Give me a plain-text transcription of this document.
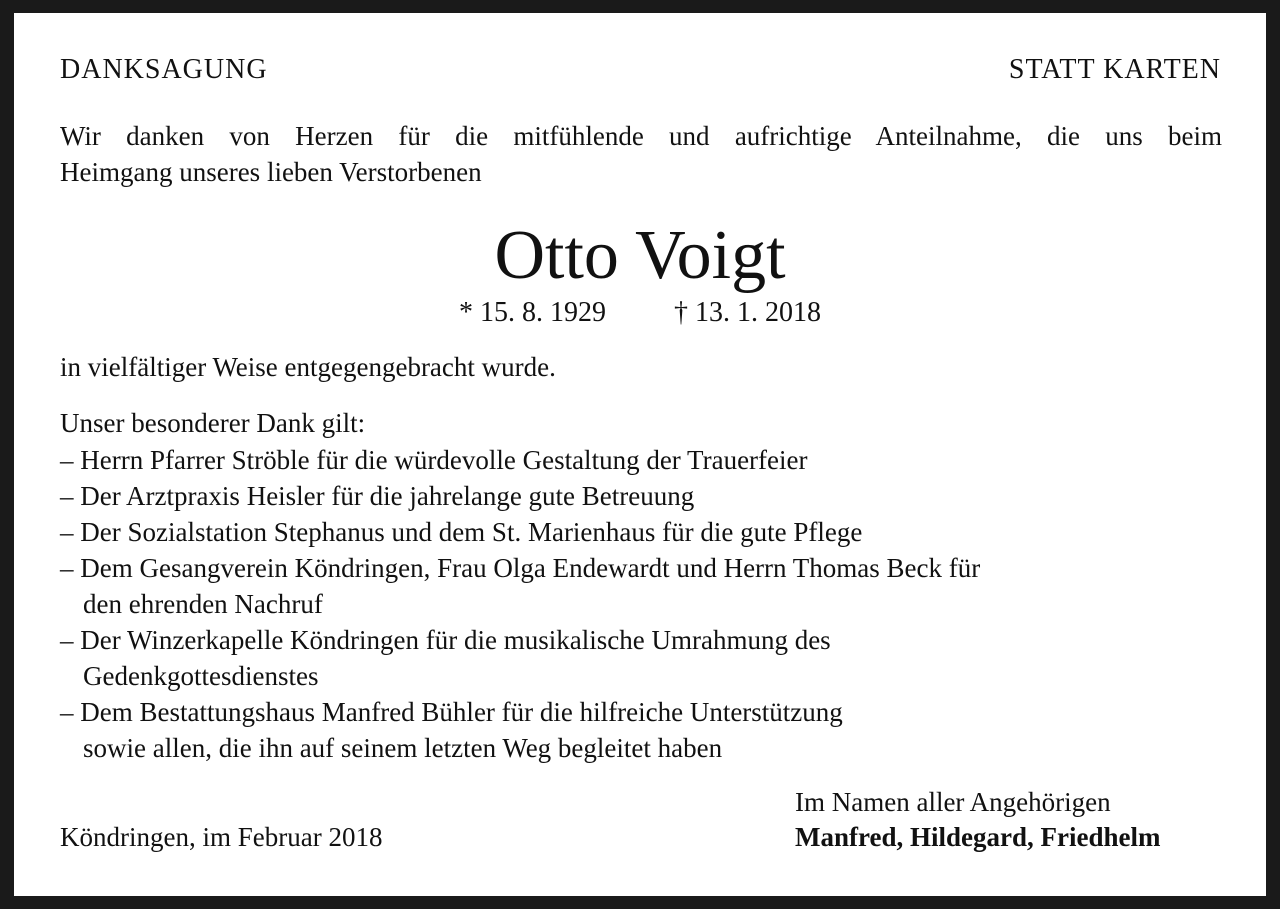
DANKSAGUNG	STATT KARTEN
Wir danken von Herzen für die mitfühlende und aufrichtige Anteilnahme, die uns beim
Heimgang unseres lieben Verstorbenen
Otto Voigt
* 15. 8. 1929 † 13. 1. 2018
in vielfältiger Weise entgegengebracht wurde.
Unser besonderer Dank gilt:
– Herrn Pfarrer Ströble für die würdevolle Gestaltung der Trauerfeier
– Der Arztpraxis Heisler für die jahrelange gute Betreuung
– Der Sozialstation Stephanus und dem St. Marienhaus für die gute Pflege
– Dem Gesangverein Köndringen, Frau Olga Endewardt und Herrn Thomas Beck für
den ehrenden Nachruf
– Der Winzerkapelle Köndringen für die musikalische Umrahmung des
Gedenkgottesdienstes
– Dem Bestattungshaus Manfred Bühler für die hilfreiche Unterstützung
sowie allen, die ihn auf seinem letzten Weg begleitet haben
Im Namen aller Angehörigen
Köndringen, im Februar 2018	Manfred, Hildegard, Friedhelm
